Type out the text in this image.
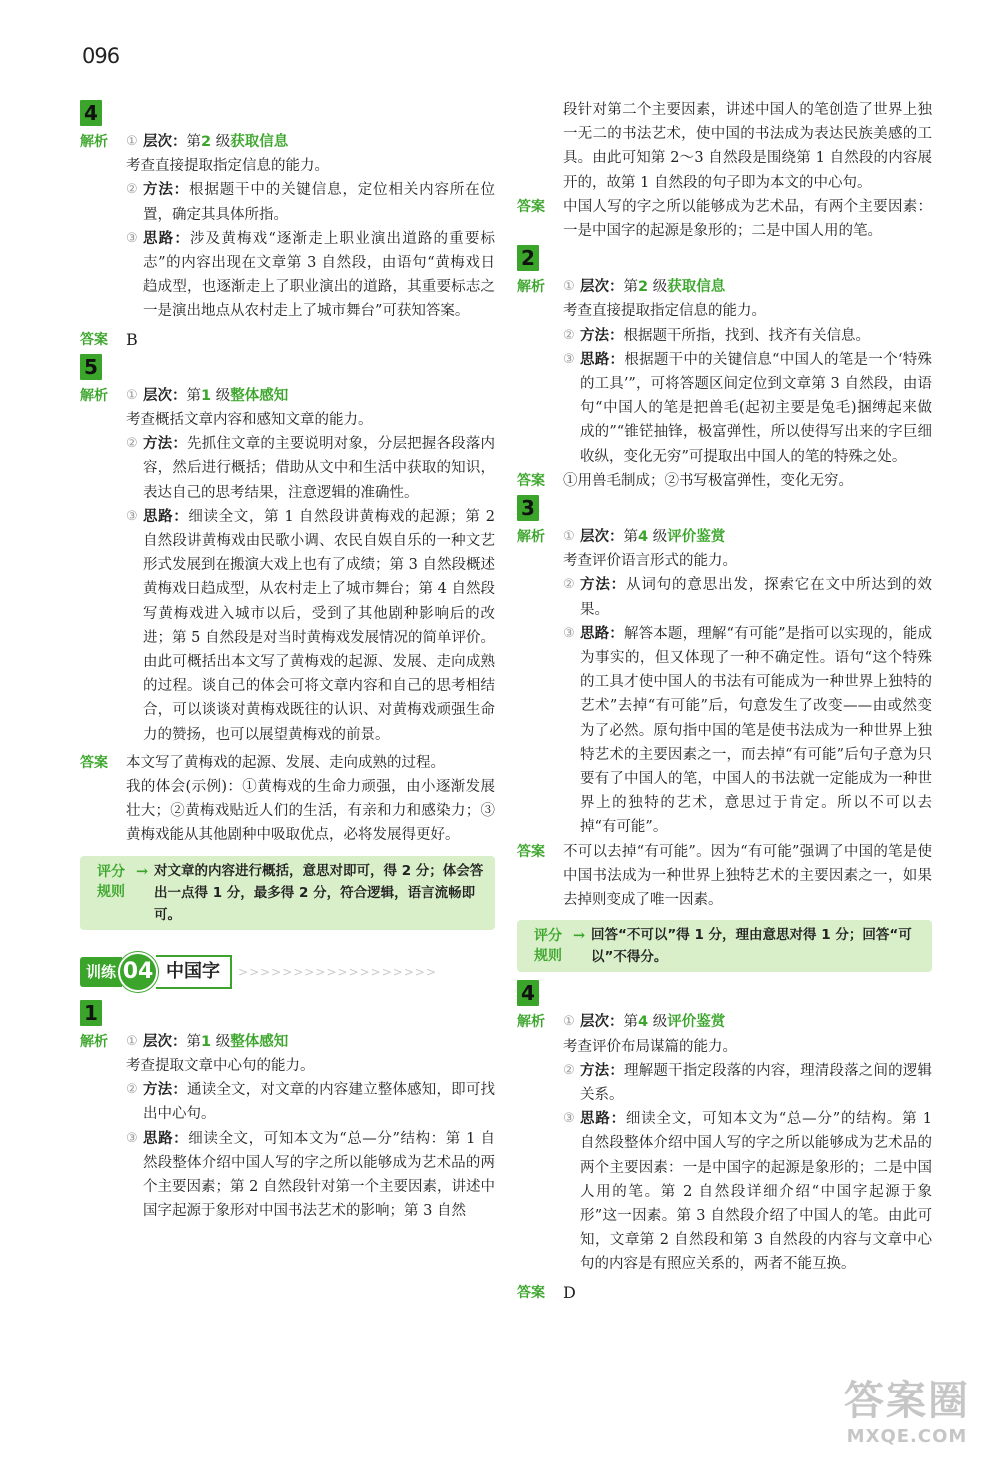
096
4
解析	① 层次：第2 级获取信息
考查直接提取指定信息的能力。
② 方法：根据题干中的关键信息，定位相关内容所在位置，确定其具体所指。
③ 思路：涉及黄梅戏“逐渐走上职业演出道路的重要标志”的内容出现在文章第 3 自然段，由语句“黄梅戏日趋成型，也逐渐走上了职业演出的道路，其重要标志之一是演出地点从农村走上了城市舞台”可获知答案。
答案	B
5
解析	① 层次：第1 级整体感知
考查概括文章内容和感知文章的能力。
② 方法：先抓住文章的主要说明对象，分层把握各段落内容，然后进行概括；借助从文中和生活中获取的知识，表达自己的思考结果，注意逻辑的准确性。
③ 思路：细读全文，第 1 自然段讲黄梅戏的起源；第 2 自然段讲黄梅戏由民歌小调、农民自娱自乐的一种文艺形式发展到在搬演大戏上也有了成绩；第 3 自然段概述黄梅戏日趋成型，从农村走上了城市舞台；第 4 自然段写黄梅戏进入城市以后，受到了其他剧种影响后的改进；第 5 自然段是对当时黄梅戏发展情况的简单评价。由此可概括出本文写了黄梅戏的起源、发展、走向成熟的过程。谈自己的体会可将文章内容和自己的思考相结合，可以谈谈对黄梅戏既往的认识、对黄梅戏顽强生命力的赞扬，也可以展望黄梅戏的前景。
答案	本文写了黄梅戏的起源、发展、走向成熟的过程。
我的体会(示例)：①黄梅戏的生命力顽强，由小逐渐发展壮大；②黄梅戏贴近人们的生活，有亲和力和感染力；③黄梅戏能从其他剧种中吸取优点，必将发展得更好。
评分
规则
→ 对文章的内容进行概括，意思对即可，得 2 分；体会答出一点得 1 分，最多得 2 分，符合逻辑，语言流畅即可。
训练 04 中国字	>>>>>>>>>>>>>>>>>>
1
解析	① 层次：第1 级整体感知
考查提取文章中心句的能力。
② 方法：通读全文，对文章的内容建立整体感知，即可找出中心句。
③ 思路：细读全文，可知本文为“总—分”结构：第 1 自然段整体介绍中国人写的字之所以能够成为艺术品的两个主要因素；第 2 自然段针对第一个主要因素，讲述中国字起源于象形对中国书法艺术的影响；第 3 自然
段针对第二个主要因素，讲述中国人的笔创造了世界上独一无二的书法艺术，使中国的书法成为表达民族美感的工具。由此可知第 2～3 自然段是围绕第 1 自然段的内容展开的，故第 1 自然段的句子即为本文的中心句。
答案	中国人写的字之所以能够成为艺术品，有两个主要因素：一是中国字的起源是象形的；二是中国人用的笔。
2
解析	① 层次：第2 级获取信息
考查直接提取指定信息的能力。
② 方法：根据题干所指，找到、找齐有关信息。
③ 思路：根据题干中的关键信息“中国人的笔是一个‘特殊的工具’”，可将答题区间定位到文章第 3 自然段，由语句“中国人的笔是把兽毛(起初主要是兔毛)捆缚起来做成的”“锥铓抽锋，极富弹性，所以使得写出来的字巨细收纵，变化无穷”可提取出中国人的笔的特殊之处。
答案	①用兽毛制成；②书写极富弹性，变化无穷。
3
解析	① 层次：第4 级评价鉴赏
考查评价语言形式的能力。
② 方法：从词句的意思出发，探索它在文中所达到的效果。
③ 思路：解答本题，理解“有可能”是指可以实现的，能成为事实的，但又体现了一种不确定性。语句“这个特殊的工具才使中国人的书法有可能成为一种世界上独特的艺术”去掉“有可能”后，句意发生了改变——由或然变为了必然。原句指中国的笔是使书法成为一种世界上独特艺术的主要因素之一，而去掉“有可能”后句子意为只要有了中国人的笔，中国人的书法就一定能成为一种世界上的独特的艺术，意思过于肯定。所以不可以去掉“有可能”。
答案	不可以去掉“有可能”。因为“有可能”强调了中国的笔是使中国书法成为一种世界上独特艺术的主要因素之一，如果去掉则变成了唯一因素。
评分
规则
→ 回答“不可以”得 1 分，理由意思对得 1 分；回答“可以”不得分。
4
解析	① 层次：第4 级评价鉴赏
考查评价布局谋篇的能力。
② 方法：理解题干指定段落的内容，理清段落之间的逻辑关系。
③ 思路：细读全文，可知本文为“总—分”的结构。第 1 自然段整体介绍中国人写的字之所以能够成为艺术品的两个主要因素：一是中国字的起源是象形的；二是中国人用的笔。第 2 自然段详细介绍“中国字起源于象形”这一因素。第 3 自然段介绍了中国人的笔。由此可知，文章第 2 自然段和第 3 自然段的内容与文章中心句的内容是有照应关系的，两者不能互换。
答案	D
答案圈
MXQE.COM
